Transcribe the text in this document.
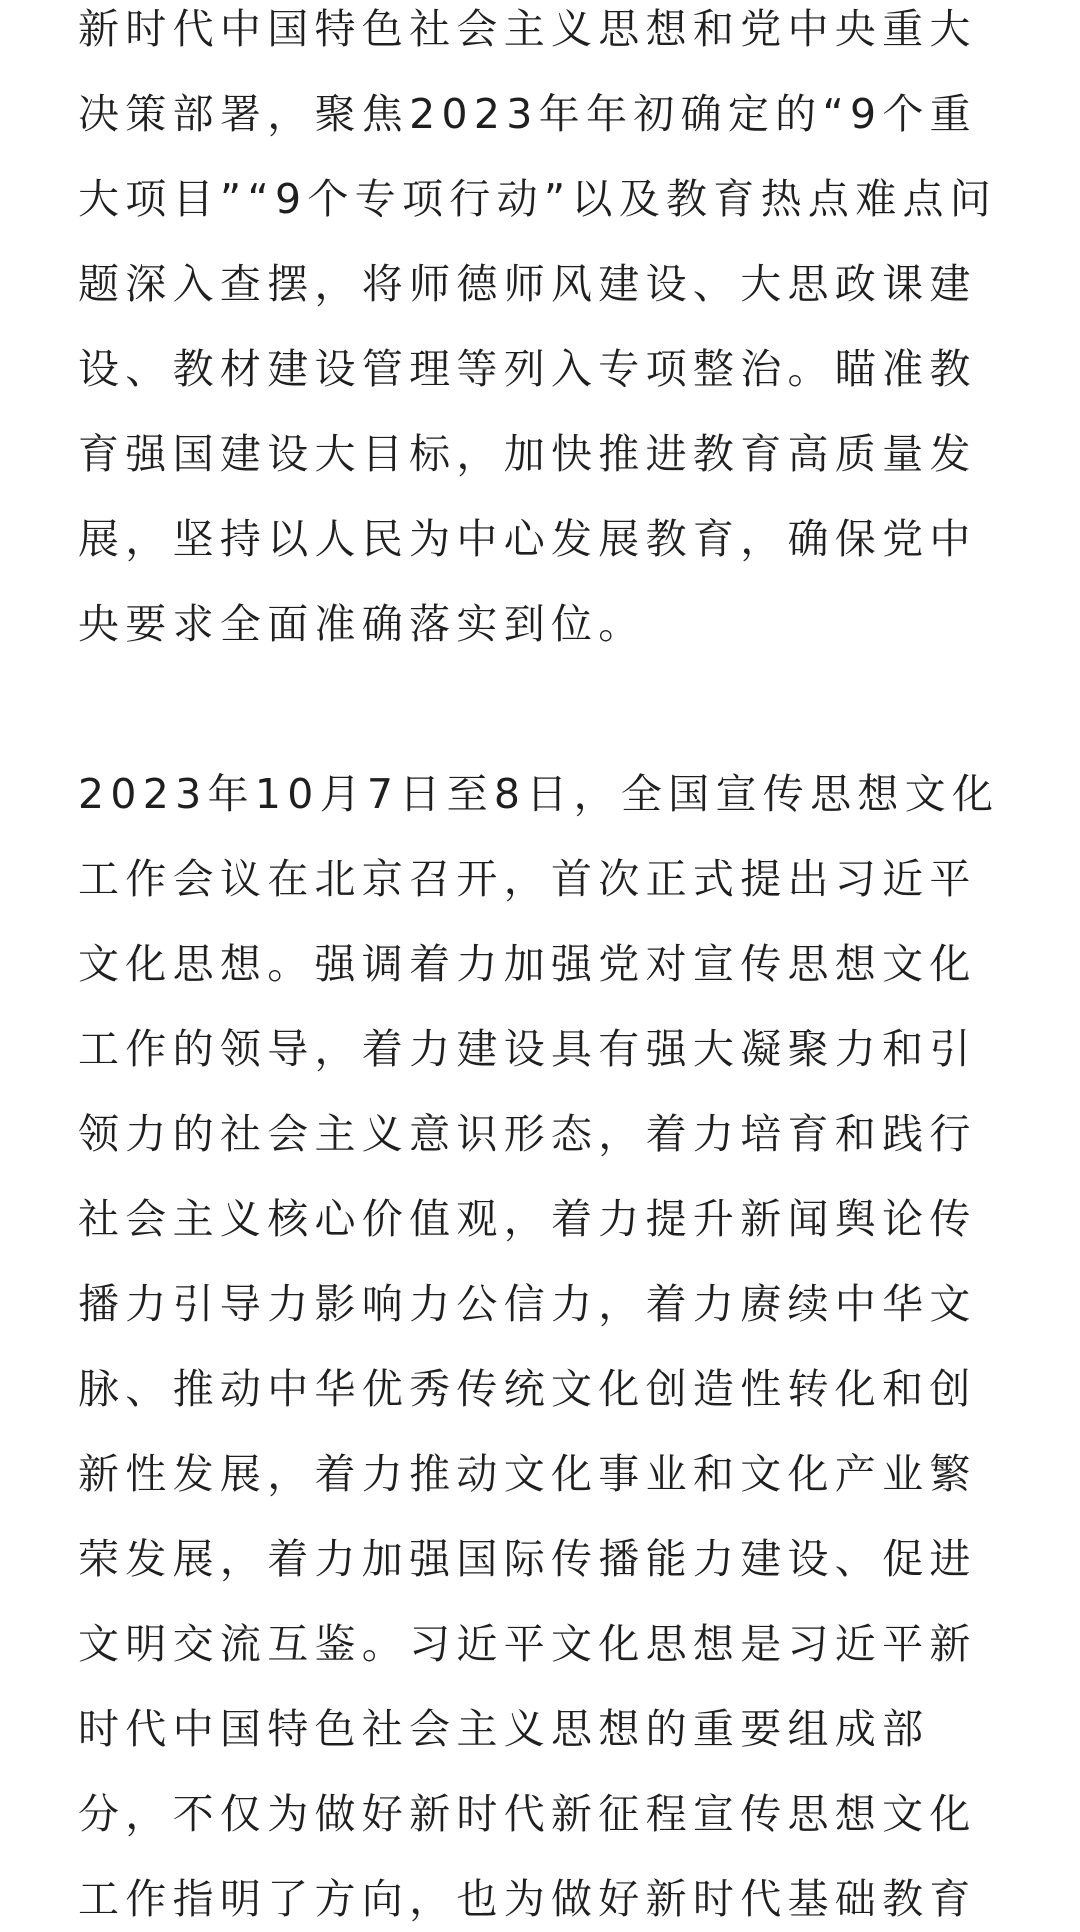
新时代中国特色社会主义思想和党中央重大
决策部署，聚焦2023年年初确定的“9个重
大项目”“9个专项行动”以及教育热点难点问
题深入查摆，将师德师风建设、大思政课建
设、教材建设管理等列入专项整治。瞄准教
育强国建设大目标，加快推进教育高质量发
展，坚持以人民为中心发展教育，确保党中
央要求全面准确落实到位。
2023年10月7日至8日，全国宣传思想文化
工作会议在北京召开，首次正式提出习近平
文化思想。强调着力加强党对宣传思想文化
工作的领导，着力建设具有强大凝聚力和引
领力的社会主义意识形态，着力培育和践行
社会主义核心价值观，着力提升新闻舆论传
播力引导力影响力公信力，着力赓续中华文
脉、推动中华优秀传统文化创造性转化和创
新性发展，着力推动文化事业和文化产业繁
荣发展，着力加强国际传播能力建设、促进
文明交流互鉴。习近平文化思想是习近平新
时代中国特色社会主义思想的重要组成部
分，不仅为做好新时代新征程宣传思想文化
工作指明了方向，也为做好新时代基础教育
